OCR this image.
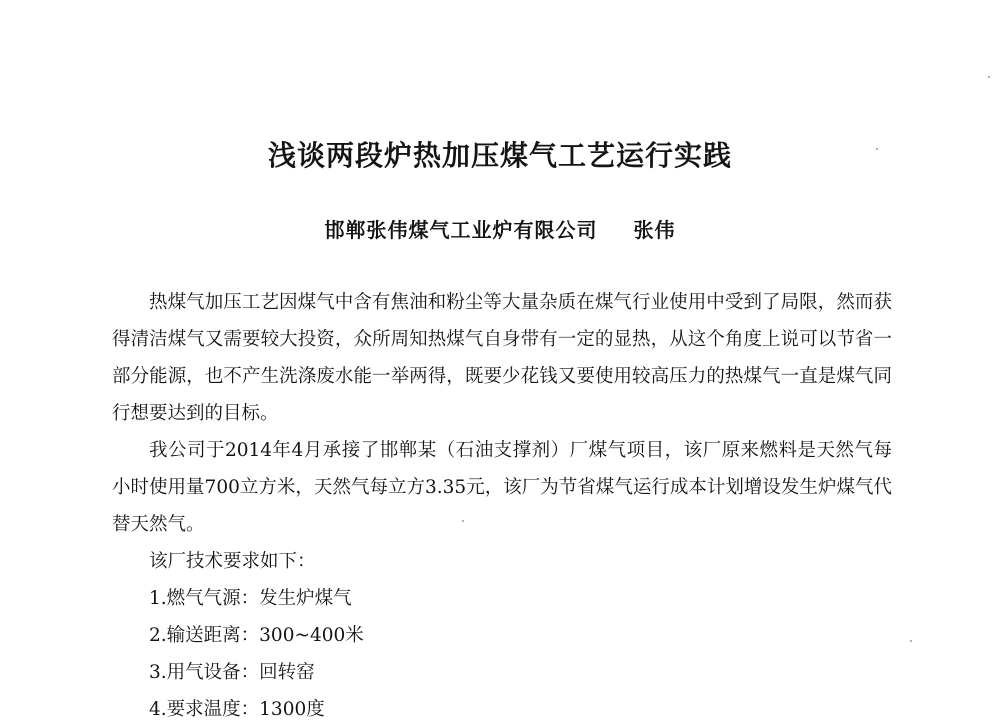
浅谈两段炉热加压煤气工艺运行实践
邯郸张伟煤气工业炉有限公司 张伟

热煤气加压工艺因煤气中含有焦油和粉尘等大量杂质在煤气行业使用中受到了局限，然而获得清洁煤气又需要较大投资，众所周知热煤气自身带有一定的显热，从这个角度上说可以节省一部分能源，也不产生洗涤废水能一举两得，既要少花钱又要使用较高压力的热煤气一直是煤气同行想要达到的目标。

我公司于2014年4月承接了邯郸某（石油支撑剂）厂煤气项目，该厂原来燃料是天然气每小时使用量700立方米，天然气每立方3.35元，该厂为节省煤气运行成本计划增设发生炉煤气代替天然气。

该厂技术要求如下：

1.燃气气源：发生炉煤气
2.输送距离：300~400米
3.用气设备：回转窑
4.要求温度：1300度
